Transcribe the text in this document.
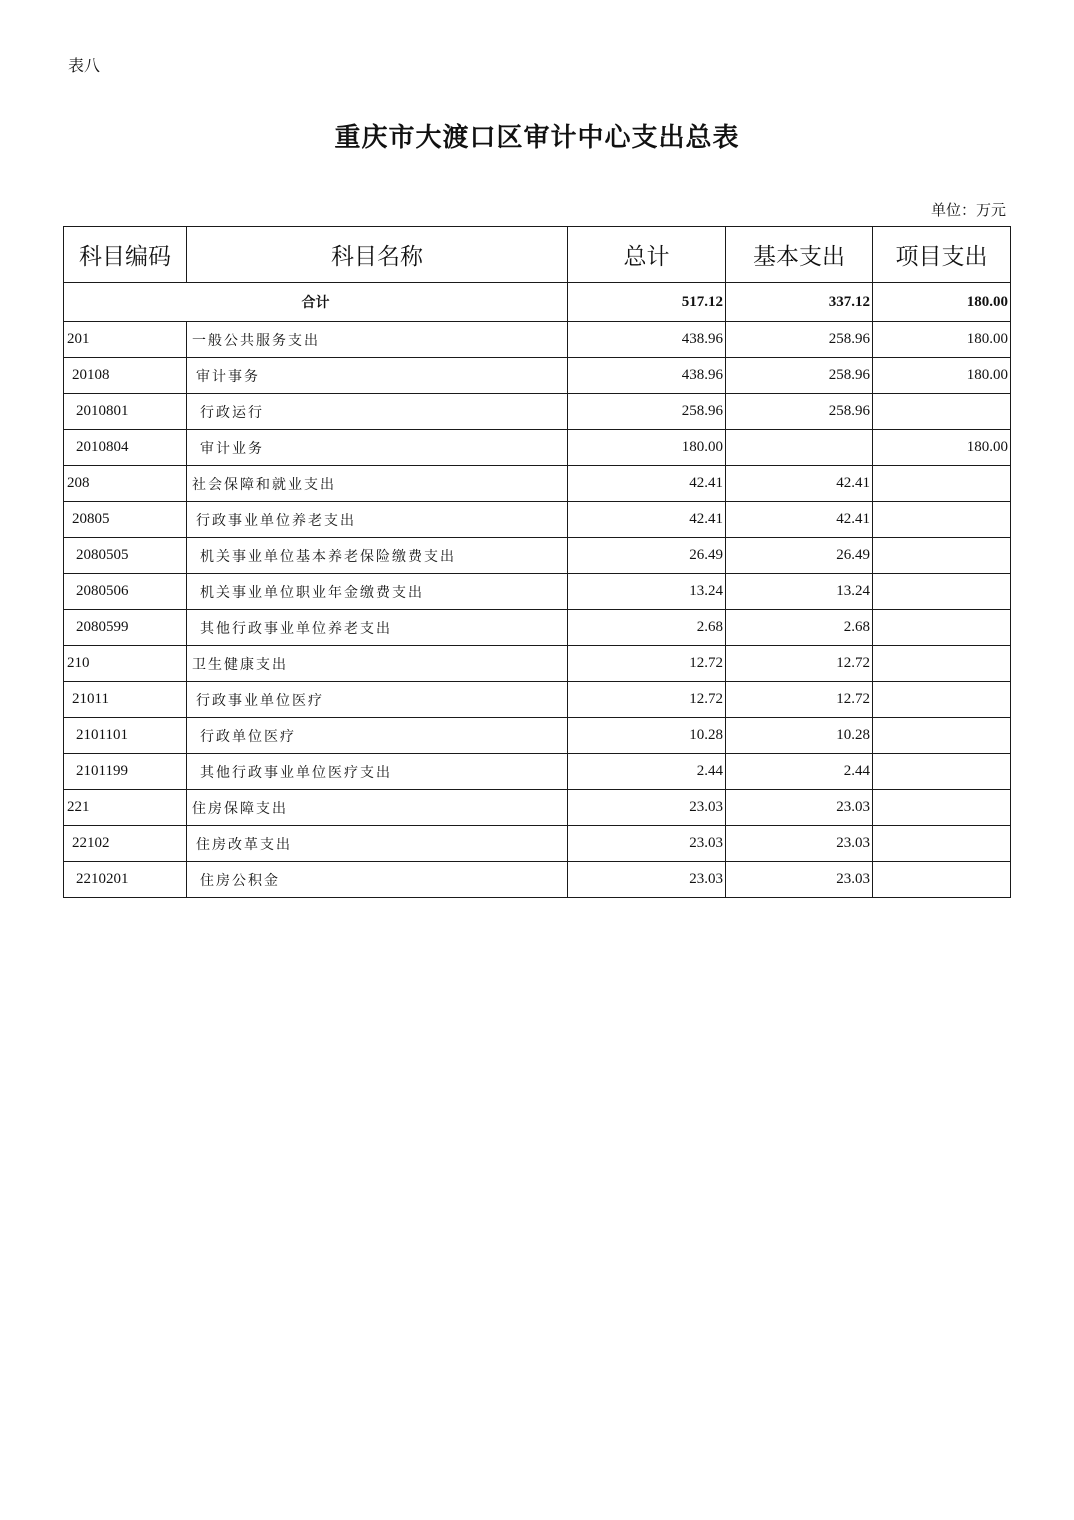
表八
重庆市大渡口区审计中心支出总表
单位：万元
科目编码	科目名称	总计	基本支出	项目支出
合计		517.12	337.12	180.00
201	一般公共服务支出	438.96	258.96	180.00
20108	审计事务	438.96	258.96	180.00
2010801	行政运行	258.96	258.96	
2010804	审计业务	180.00		180.00
208	社会保障和就业支出	42.41	42.41	
20805	行政事业单位养老支出	42.41	42.41	
2080505	机关事业单位基本养老保险缴费支出	26.49	26.49	
2080506	机关事业单位职业年金缴费支出	13.24	13.24	
2080599	其他行政事业单位养老支出	2.68	2.68	
210	卫生健康支出	12.72	12.72	
21011	行政事业单位医疗	12.72	12.72	
2101101	行政单位医疗	10.28	10.28	
2101199	其他行政事业单位医疗支出	2.44	2.44	
221	住房保障支出	23.03	23.03	
22102	住房改革支出	23.03	23.03	
2210201	住房公积金	23.03	23.03	
